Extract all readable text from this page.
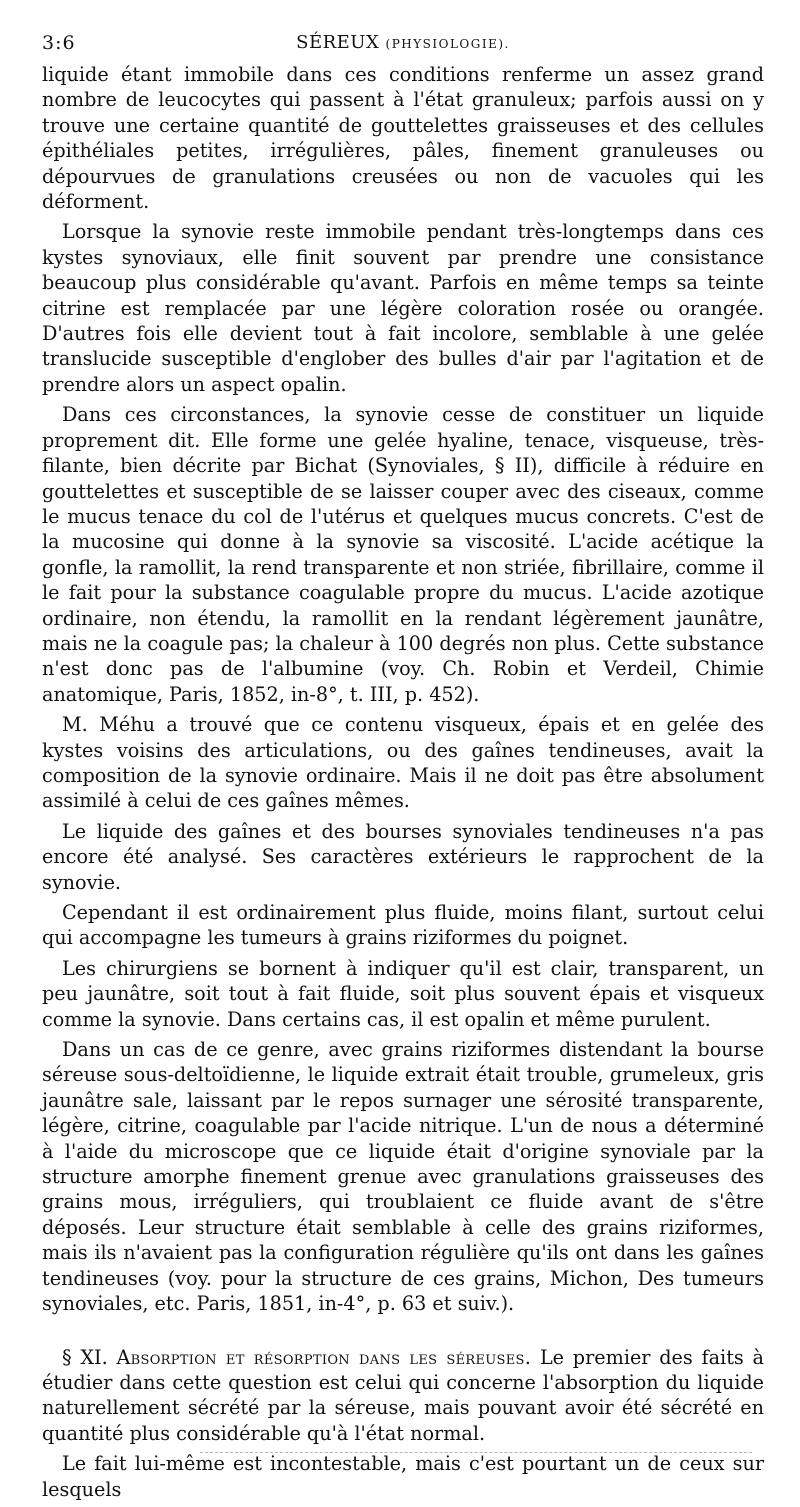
3:6	SÉREUX (PHYSIOLOGIE).

liquide étant immobile dans ces conditions renferme un assez grand nombre de leucocytes qui passent à l'état granuleux; parfois aussi on y trouve une certaine quantité de gouttelettes graisseuses et des cellules épithéliales petites, irrégulières, pâles, finement granuleuses ou dépourvues de granulations creusées ou non de vacuoles qui les déforment.

Lorsque la synovie reste immobile pendant très-longtemps dans ces kystes synoviaux, elle finit souvent par prendre une consistance beaucoup plus considérable qu'avant. Parfois en même temps sa teinte citrine est remplacée par une légère coloration rosée ou orangée. D'autres fois elle devient tout à fait incolore, semblable à une gelée translucide susceptible d'englober des bulles d'air par l'agitation et de prendre alors un aspect opalin.

Dans ces circonstances, la synovie cesse de constituer un liquide proprement dit. Elle forme une gelée hyaline, tenace, visqueuse, très-filante, bien décrite par Bichat (Synoviales, § II), difficile à réduire en gouttelettes et susceptible de se laisser couper avec des ciseaux, comme le mucus tenace du col de l'utérus et quelques mucus concrets. C'est de la mucosine qui donne à la synovie sa viscosité. L'acide acétique la gonfle, la ramollit, la rend transparente et non striée, fibrillaire, comme il le fait pour la substance coagulable propre du mucus. L'acide azotique ordinaire, non étendu, la ramollit en la rendant légèrement jaunâtre, mais ne la coagule pas; la chaleur à 100 degrés non plus. Cette substance n'est donc pas de l'albumine (voy. Ch. Robin et Verdeil, Chimie anatomique, Paris, 1852, in-8°, t. III, p. 452).

M. Méhu a trouvé que ce contenu visqueux, épais et en gelée des kystes voisins des articulations, ou des gaînes tendineuses, avait la composition de la synovie ordinaire. Mais il ne doit pas être absolument assimilé à celui de ces gaînes mêmes.

Le liquide des gaînes et des bourses synoviales tendineuses n'a pas encore été analysé. Ses caractères extérieurs le rapprochent de la synovie.

Cependant il est ordinairement plus fluide, moins filant, surtout celui qui accompagne les tumeurs à grains riziformes du poignet.

Les chirurgiens se bornent à indiquer qu'il est clair, transparent, un peu jaunâtre, soit tout à fait fluide, soit plus souvent épais et visqueux comme la synovie. Dans certains cas, il est opalin et même purulent.

Dans un cas de ce genre, avec grains riziformes distendant la bourse séreuse sous-deltoïdienne, le liquide extrait était trouble, grumeleux, gris jaunâtre sale, laissant par le repos surnager une sérosité transparente, légère, citrine, coagulable par l'acide nitrique. L'un de nous a déterminé à l'aide du microscope que ce liquide était d'origine synoviale par la structure amorphe finement grenue avec granulations graisseuses des grains mous, irréguliers, qui troublaient ce fluide avant de s'être déposés. Leur structure était semblable à celle des grains riziformes, mais ils n'avaient pas la configuration régulière qu'ils ont dans les gaînes tendineuses (voy. pour la structure de ces grains, Michon, Des tumeurs synoviales, etc. Paris, 1851, in-4°, p. 63 et suiv.).

§ XI. Absorption et résorption dans les séreuses. Le premier des faits à étudier dans cette question est celui qui concerne l'absorption du liquide naturellement sécrété par la séreuse, mais pouvant avoir été sécrété en quantité plus considérable qu'à l'état normal.

Le fait lui-même est incontestable, mais c'est pourtant un de ceux sur lesquels
